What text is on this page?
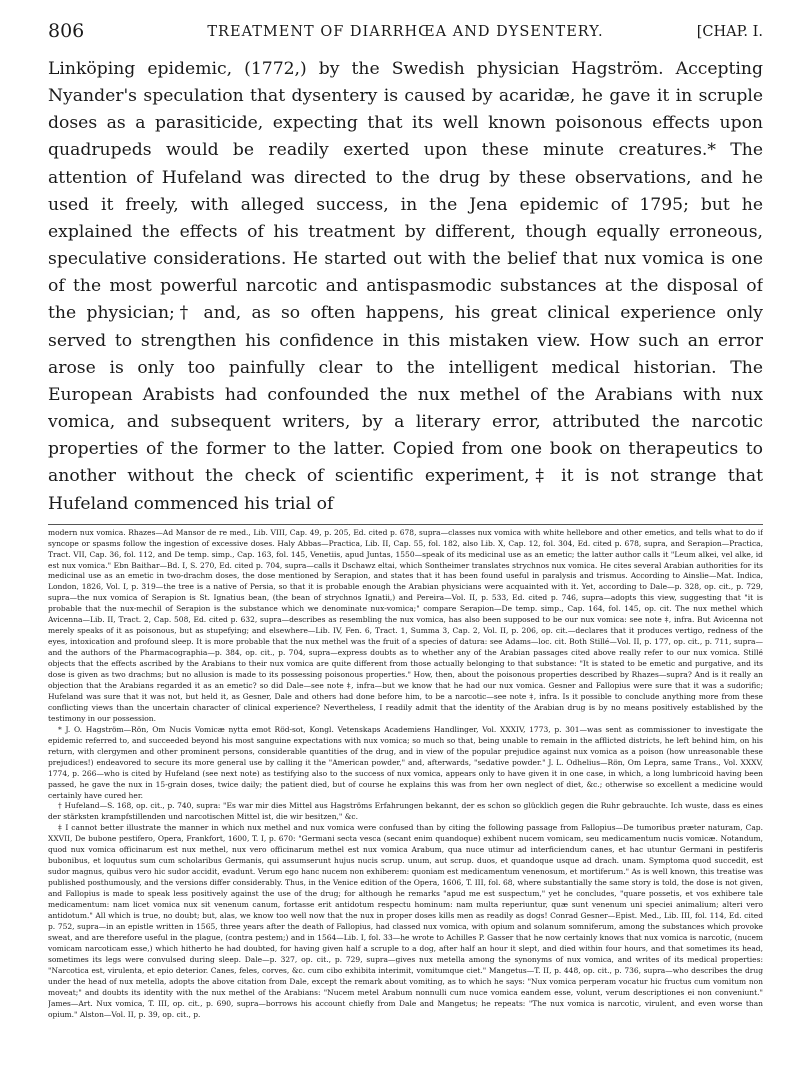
806	TREATMENT OF DIARRHŒA AND DYSENTERY.	[CHAP. I.

Linköping epidemic, (1772,) by the Swedish physician Hagström. Accepting Nyander's speculation that dysentery is caused by acaridæ, he gave it in scruple doses as a parasiticide, expecting that its well known poisonous effects upon quadrupeds would be readily exerted upon these minute creatures.* The attention of Hufeland was directed to the drug by these observations, and he used it freely, with alleged success, in the Jena epidemic of 1795; but he explained the effects of his treatment by different, though equally erroneous, speculative considerations. He started out with the belief that nux vomica is one of the most powerful narcotic and antispasmodic substances at the disposal of the physician;† and, as so often happens, his great clinical experience only served to strengthen his confidence in this mistaken view. How such an error arose is only too painfully clear to the intelligent medical historian. The European Arabists had confounded the nux methel of the Arabians with nux vomica, and subsequent writers, by a literary error, attributed the narcotic properties of the former to the latter. Copied from one book on therapeutics to another without the check of scientific experiment,‡ it is not strange that Hufeland commenced his trial of

modern nux vomica. Rhazes—Ad Mansor de re med., Lib. VIII, Cap. 49, p. 205, Ed. cited p. 678, supra—classes nux vomica with white hellebore and other emetics, and tells what to do if syncope or spasms follow the ingestion of excessive doses. Haly Abbas—Practica, Lib. II, Cap. 55, fol. 182, also Lib. X, Cap. 12, fol. 304, Ed. cited p. 678, supra, and Serapion—Practica, Tract. VII, Cap. 36, fol. 112, and De temp. simp., Cap. 163, fol. 145, Venetiis, apud Juntas, 1550—speak of its medicinal use as an emetic; the latter author calls it "Leum alkei, vel alke, id est nux vomica." Ebn Baithar—Bd. I, S. 270, Ed. cited p. 704, supra—calls it Dschawz eltai, which Sontheimer translates strychnos nux vomica. He cites several Arabian authorities for its medicinal use as an emetic in two-drachm doses, the dose mentioned by Serapion, and states that it has been found useful in paralysis and trismus. According to Ainslie—Mat. Indica, London, 1826, Vol. I, p. 319—the tree is a native of Persia, so that it is probable enough the Arabian physicians were acquainted with it. Yet, according to Dale—p. 328, op. cit., p. 729, supra—the nux vomica of Serapion is St. Ignatius bean, (the bean of strychnos Ignatii,) and Pereira—Vol. II, p. 533, Ed. cited p. 746, supra—adopts this view, suggesting that "it is probable that the nux-mechil of Serapion is the substance which we denominate nux-vomica;" compare Serapion—De temp. simp., Cap. 164, fol. 145, op. cit. The nux methel which Avicenna—Lib. II, Tract. 2, Cap. 508, Ed. cited p. 632, supra—describes as resembling the nux vomica, has also been supposed to be our nux vomica: see note ‡, infra. But Avicenna not merely speaks of it as poisonous, but as stupefying; and elsewhere—Lib. IV, Fen. 6, Tract. 1, Summa 3, Cap. 2, Vol. II, p. 206, op. cit.—declares that it produces vertigo, redness of the eyes, intoxication and profound sleep. It is more probable that the nux methel was the fruit of a species of datura: see Adams—loc. cit. Both Stillé—Vol. II, p. 177, op. cit., p. 711, supra—and the authors of the Pharmacographia—p. 384, op. cit., p. 704, supra—express doubts as to whether any of the Arabian passages cited above really refer to our nux vomica. Stillé objects that the effects ascribed by the Arabians to their nux vomica are quite different from those actually belonging to that substance: "It is stated to be emetic and purgative, and its dose is given as two drachms; but no allusion is made to its possessing poisonous properties." How, then, about the poisonous properties described by Rhazes—supra? And is it really an objection that the Arabians regarded it as an emetic? so did Dale—see note ‡, infra—but we know that he had our nux vomica. Gesner and Fallopius were sure that it was a sudorific; Hufeland was sure that it was not, but held it, as Gesner, Dale and others had done before him, to be a narcotic—see note ‡, infra. Is it possible to conclude anything more from these conflicting views than the uncertain character of clinical experience? Nevertheless, I readily admit that the identity of the Arabian drug is by no means positively established by the testimony in our possession.

* J. O. Hagström—Rön, Om Nucis Vomicæ nytta emot Röd-sot, Kongl. Vetenskaps Academiens Handlinger, Vol. XXXIV, 1773, p. 301—was sent as commissioner to investigate the epidemic referred to, and succeeded beyond his most sanguine expectations with nux vomica; so much so that, being unable to remain in the afflicted districts, he left behind him, on his return, with clergymen and other prominent persons, considerable quantities of the drug, and in view of the popular prejudice against nux vomica as a poison (how unreasonable these prejudices!) endeavored to secure its more general use by calling it the "American powder," and, afterwards, "sedative powder." J. L. Odhelius—Rön, Om Lepra, same Trans., Vol. XXXV, 1774, p. 266—who is cited by Hufeland (see next note) as testifying also to the success of nux vomica, appears only to have given it in one case, in which, a long lumbricoid having been passed, he gave the nux in 15-grain doses, twice daily; the patient died, but of course he explains this was from her own neglect of diet, &c.; otherwise so excellent a medicine would certainly have cured her.

† Hufeland—S. 168, op. cit., p. 740, supra: "Es war mir dies Mittel aus Hagströms Erfahrungen bekannt, der es schon so glücklich gegen die Ruhr gebrauchte. Ich wuste, dass es eines der stärksten krampfstillenden und narcotischen Mittel ist, die wir besitzen," &c.

‡ I cannot better illustrate the manner in which nux methel and nux vomica were confused than by citing the following passage from Fallopius—De tumoribus præter naturam, Cap. XXVII, De bubone pestifero, Opera, Frankfort, 1600, T. I, p. 670: "Germani secta vesca (secant enim quandoque) exhibent nucem vomicam, seu medicamentum nucis vomicæ. Notandum, quod nux vomica officinarum est nux methel, nux vero officinarum methel est nux vomica Arabum, qua nuce utimur ad interficiendum canes, et hac utuntur Germani in pestiferis bubonibus, et loquutus sum cum scholaribus Germanis, qui assumserunt hujus nucis scrup. unum, aut scrup. duos, et quandoque usque ad drach. unam. Symptoma quod succedit, est sudor magnus, quibus vero hic sudor accidit, evadunt. Verum ego hanc nucem non exhiberem: quoniam est medicamentum venenosum, et mortiferum." As is well known, this treatise was published posthumously, and the versions differ considerably. Thus, in the Venice edition of the Opera, 1606, T. III, fol. 68, where substantially the same story is told, the dose is not given, and Fallopius is made to speak less positively against the use of the drug; for although he remarks "apud me est suspectum," yet he concludes, "quare possetis, et vos exhibere tale medicamentum: nam licet vomica nux sit venenum canum, fortasse erit antidotum respectu hominum: nam multa reperiuntur, quæ sunt venenum uni speciei animalium; alteri vero antidotum." All which is true, no doubt; but, alas, we know too well now that the nux in proper doses kills men as readily as dogs! Conrad Gesner—Epist. Med., Lib. III, fol. 114, Ed. cited p. 752, supra—in an epistle written in 1565, three years after the death of Fallopius, had classed nux vomica, with opium and solanum somniferum, among the substances which provoke sweat, and are therefore useful in the plague, (contra pestem;) and in 1564—Lib. I, fol. 33—he wrote to Achilles P. Gasser that he now certainly knows that nux vomica is narcotic, (nucem vomicam narcoticam esse,) which hitherto he had doubted, for having given half a scruple to a dog, after half an hour it slept, and died within four hours, and that sometimes its head, sometimes its legs were convulsed during sleep. Dale—p. 327, op. cit., p. 729, supra—gives nux metella among the synonyms of nux vomica, and writes of its medical properties: "Narcotica est, virulenta, et epio deterior. Canes, feles, corves, &c. cum cibo exhibita interimit, vomitumque ciet." Mangetus—T. II, p. 448, op. cit., p. 736, supra—who describes the drug under the head of nux metella, adopts the above citation from Dale, except the remark about vomiting, as to which he says: "Nux vomica perperam vocatur hic fructus cum vomitum non moveat;" and doubts its identity with the nux methel of the Arabians: "Nucem metel Arabum nonnulli cum nuce vomica eandem esse, volunt, verum descriptiones ei non conveniunt." James—Art. Nux vomica, T. III, op. cit., p. 690, supra—borrows his account chiefly from Dale and Mangetus; he repeats: "The nux vomica is narcotic, virulent, and even worse than opium." Alston—Vol. II, p. 39, op. cit., p.
